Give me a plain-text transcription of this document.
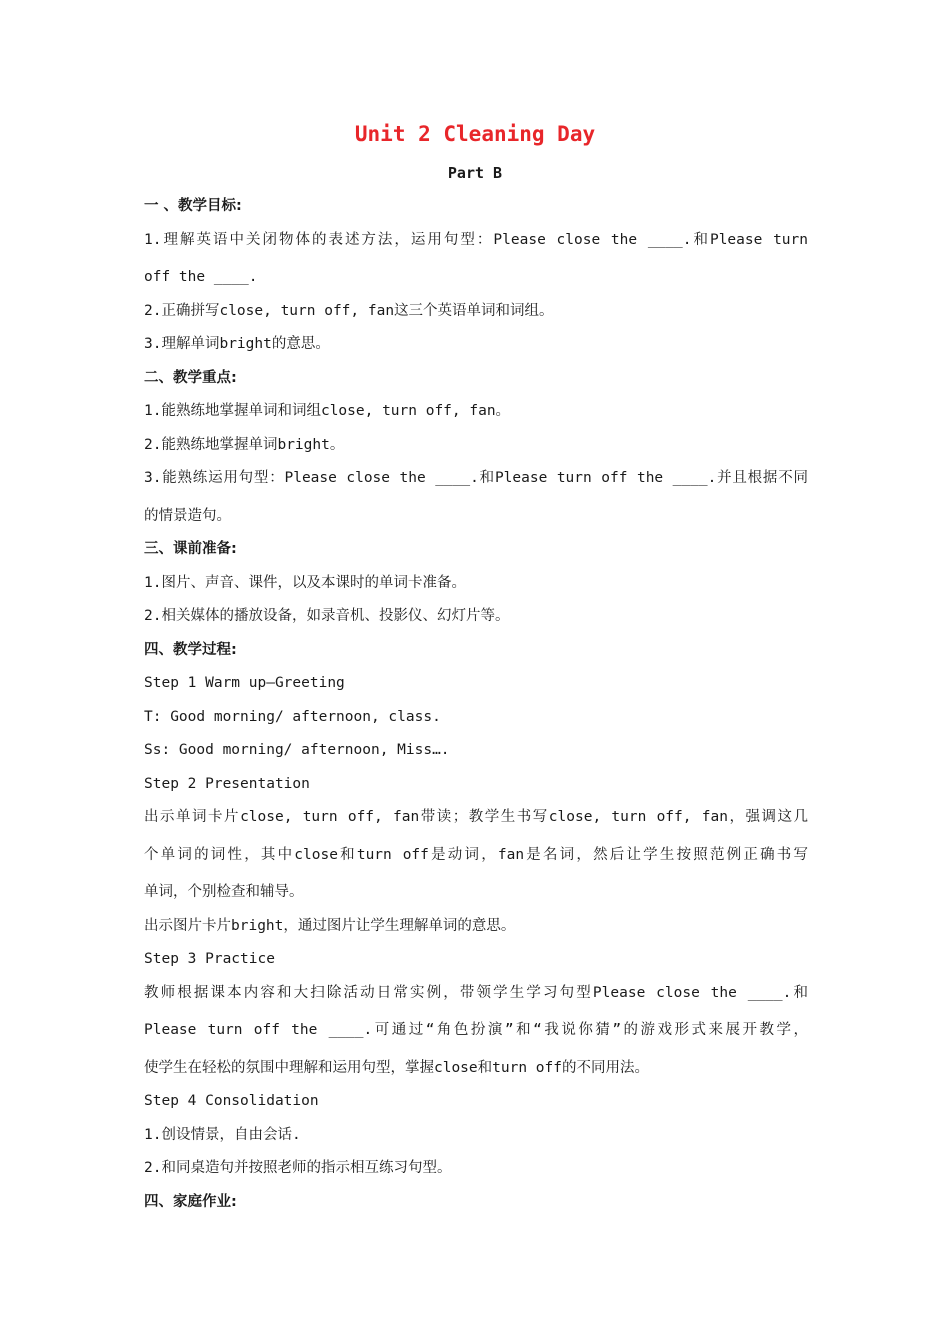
Unit 2 Cleaning Day
Part B
一 、教学目标:
1.理解英语中关闭物体的表述方法，运用句型：Please close the ____.和Please turn
off the ____.
2.正确拼写close, turn off, fan这三个英语单词和词组。
3.理解单词bright的意思。
二、教学重点:
1.能熟练地掌握单词和词组close, turn off, fan。
2.能熟练地掌握单词bright。
3.能熟练运用句型：Please close the ____.和Please turn off the ____.并且根据不同
的情景造句。
三、课前准备:
1.图片、声音、课件，以及本课时的单词卡准备。
2.相关媒体的播放设备，如录音机、投影仪、幻灯片等。
四、教学过程:
Step 1 Warm up—Greeting
T: Good morning/ afternoon, class.
Ss: Good morning/ afternoon, Miss….
Step 2 Presentation
出示单词卡片close, turn off, fan带读；教学生书写close, turn off, fan，强调这几
个单词的词性，其中close和turn off是动词，fan是名词，然后让学生按照范例正确书写
单词，个别检查和辅导。
出示图片卡片bright，通过图片让学生理解单词的意思。
Step 3 Practice
教师根据课本内容和大扫除活动日常实例，带领学生学习句型Please close the ____.和
Please turn off the ____.可通过“角色扮演”和“我说你猜”的游戏形式来展开教学，
使学生在轻松的氛围中理解和运用句型，掌握close和turn off的不同用法。
Step 4 Consolidation
1.创设情景，自由会话.
2.和同桌造句并按照老师的指示相互练习句型。
四、家庭作业:
